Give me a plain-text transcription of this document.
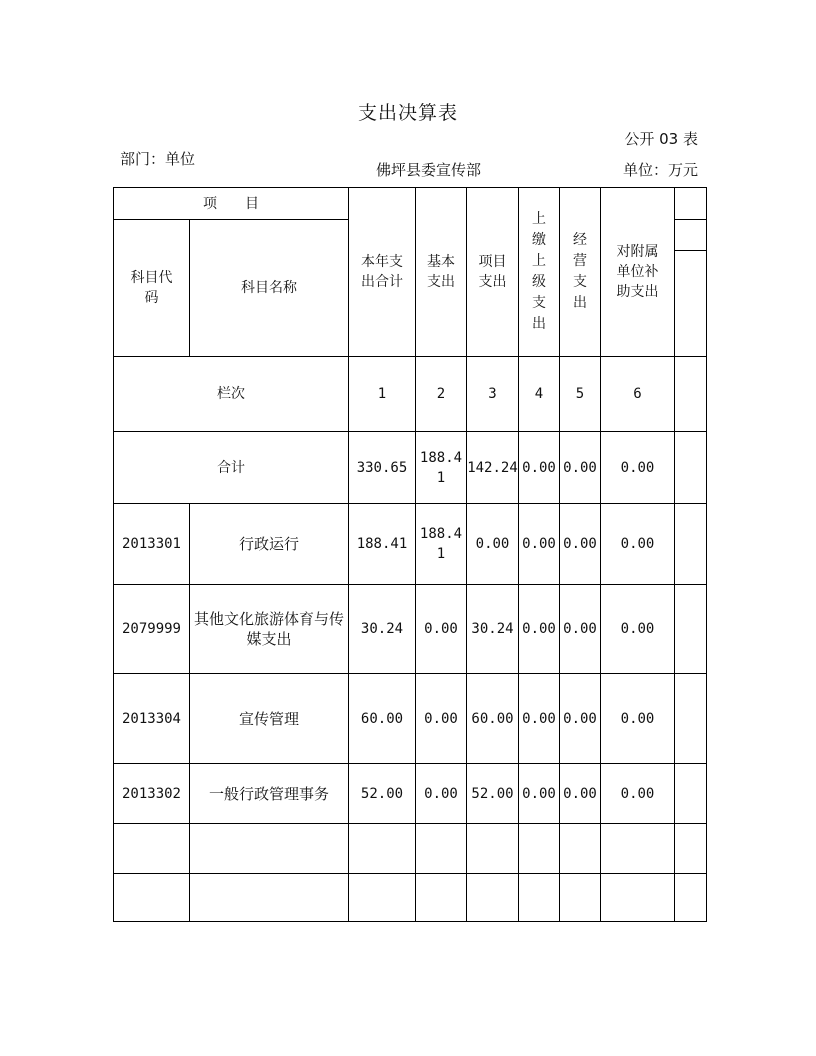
支出决算表
公开 03 表
部门：单位
佛坪县委宣传部	单位：万元
项　　目		本年支出合计	基本支出	项目支出	上缴上级支出	经营支出	对附属单位补助支出	
科目代码	科目名称							

栏次		1	2	3	4	5	6	
合计		330.65	188.41	142.24	0.00	0.00	0.00	
2013301	行政运行	188.41	188.41	0.00	0.00	0.00	0.00	
2079999	其他文化旅游体育与传媒支出	30.24	0.00	30.24	0.00	0.00	0.00	
2013304	宣传管理	60.00	0.00	60.00	0.00	0.00	0.00	
2013302	一般行政管理事务	52.00	0.00	52.00	0.00	0.00	0.00	
